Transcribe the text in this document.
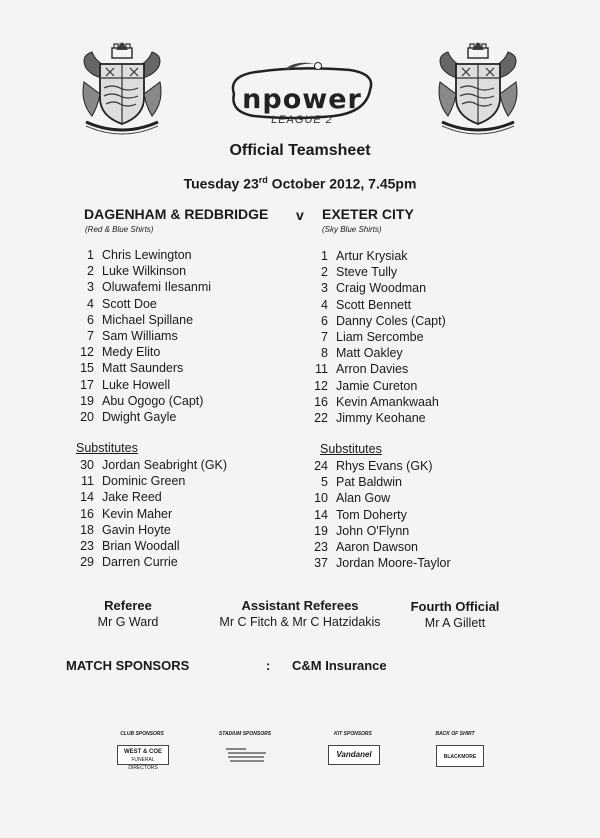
npower
LEAGUE 2
Official Teamsheet
Tuesday 23rd October 2012, 7.45pm
DAGENHAM & REDBRIDGE v EXETER CITY
(Red & Blue Shirts)	(Sky Blue Shirts)
1 Chris Lewington
2 Luke Wilkinson
3 Oluwafemi Ilesanmi
4 Scott Doe
6 Michael Spillane
7 Sam Williams
12 Medy Elito
15 Matt Saunders
17 Luke Howell
19 Abu Ogogo (Capt)
20 Dwight Gayle
1 Artur Krysiak
2 Steve Tully
3 Craig Woodman
4 Scott Bennett
6 Danny Coles (Capt)
7 Liam Sercombe
8 Matt Oakley
11 Arron Davies
12 Jamie Cureton
16 Kevin Amankwaah
22 Jimmy Keohane
Substitutes	Substitutes
30 Jordan Seabright (GK)
11 Dominic Green
14 Jake Reed
16 Kevin Maher
18 Gavin Hoyte
23 Brian Woodall
29 Darren Currie
24 Rhys Evans (GK)
5 Pat Baldwin
10 Alan Gow
14 Tom Doherty
19 John O'Flynn
23 Aaron Dawson
37 Jordan Moore-Taylor
Referee
Mr G Ward
Assistant Referees
Mr C Fitch & Mr C Hatzidakis
Fourth Official
Mr A Gillett
MATCH SPONSORS	: C&M Insurance
CLUB SPONSORS
WEST & COE
FUNERAL DIRECTORS
STADIUM SPONSORS	KIT SPONSORS
Vandanel
BACK OF SHIRT
BLACKMORE
